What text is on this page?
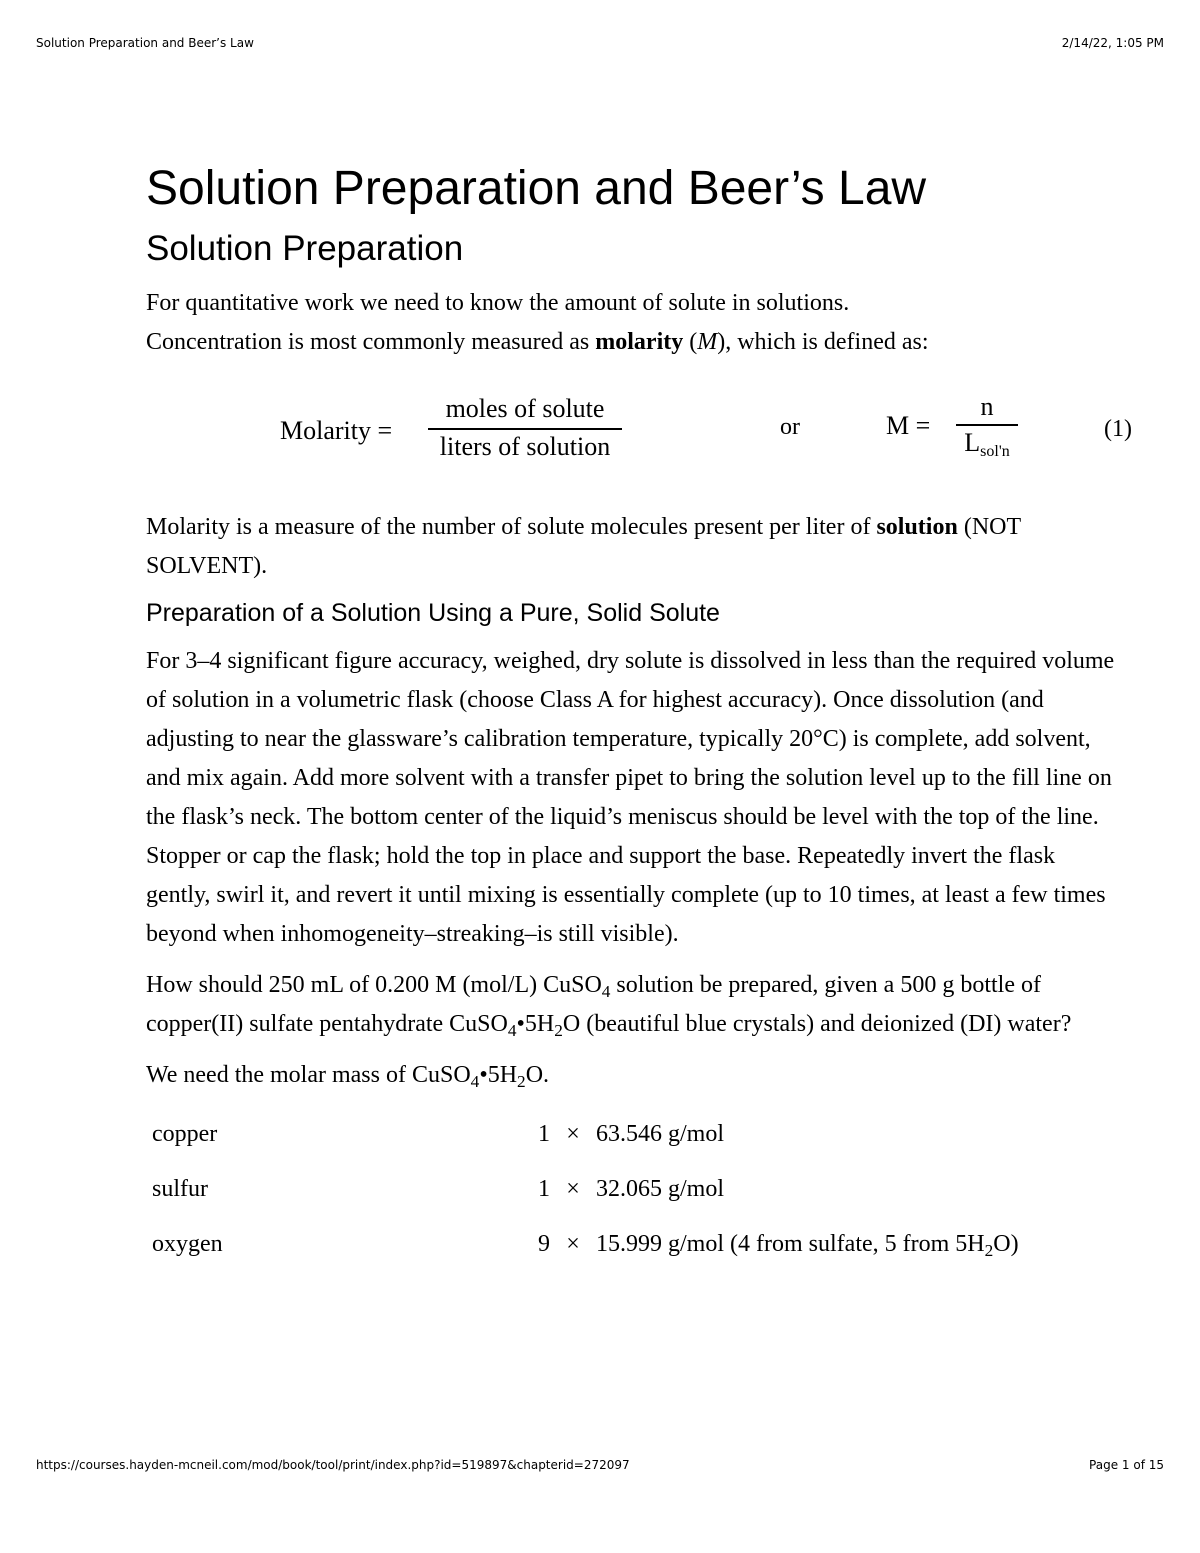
Solution Preparation and Beer’s Law	2/14/22, 1:05 PM
Solution Preparation and Beer’s Law
Solution Preparation

For quantitative work we need to know the amount of solute in solutions.
Concentration is most commonly measured as molarity (M), which is defined as:

Molarity =
moles of solute
liters of solution
or	M =
n
$L_{sol'n}$
(1)

Molarity is a measure of the number of solute molecules present per liter of solution (NOT SOLVENT).

Preparation of a Solution Using a Pure, Solid Solute

For 3–4 significant figure accuracy, weighed, dry solute is dissolved in less than the required volume of solution in a volumetric flask (choose Class A for highest accuracy). Once dissolution (and adjusting to near the glassware’s calibration temperature, typically 20°C) is complete, add solvent, and mix again. Add more solvent with a transfer pipet to bring the solution level up to the fill line on the flask’s neck. The bottom center of the liquid’s meniscus should be level with the top of the line. Stopper or cap the flask; hold the top in place and support the base. Repeatedly invert the flask gently, swirl it, and revert it until mixing is essentially complete (up to 10 times, at least a few times beyond when inhomogeneity–streaking–is still visible).

How should 250 mL of 0.200 M (mol/L) CuSO$_4$ solution be prepared, given a 500 g bottle of copper(II) sulfate pentahydrate $CuSO_4•5H_2O$ (beautiful blue crystals) and deionized (DI) water?

We need the molar mass of $CuSO_4•5H_2O$.

copper	1	×	63.546 g/mol
sulfur	1	×	32.065 g/mol
oxygen	9	×	15.999 g/mol (4 from sulfate, 5 from $5H_2O$)
https://courses.hayden-mcneil.com/mod/book/tool/print/index.php?id=519897&chapterid=272097	Page 1 of 15
